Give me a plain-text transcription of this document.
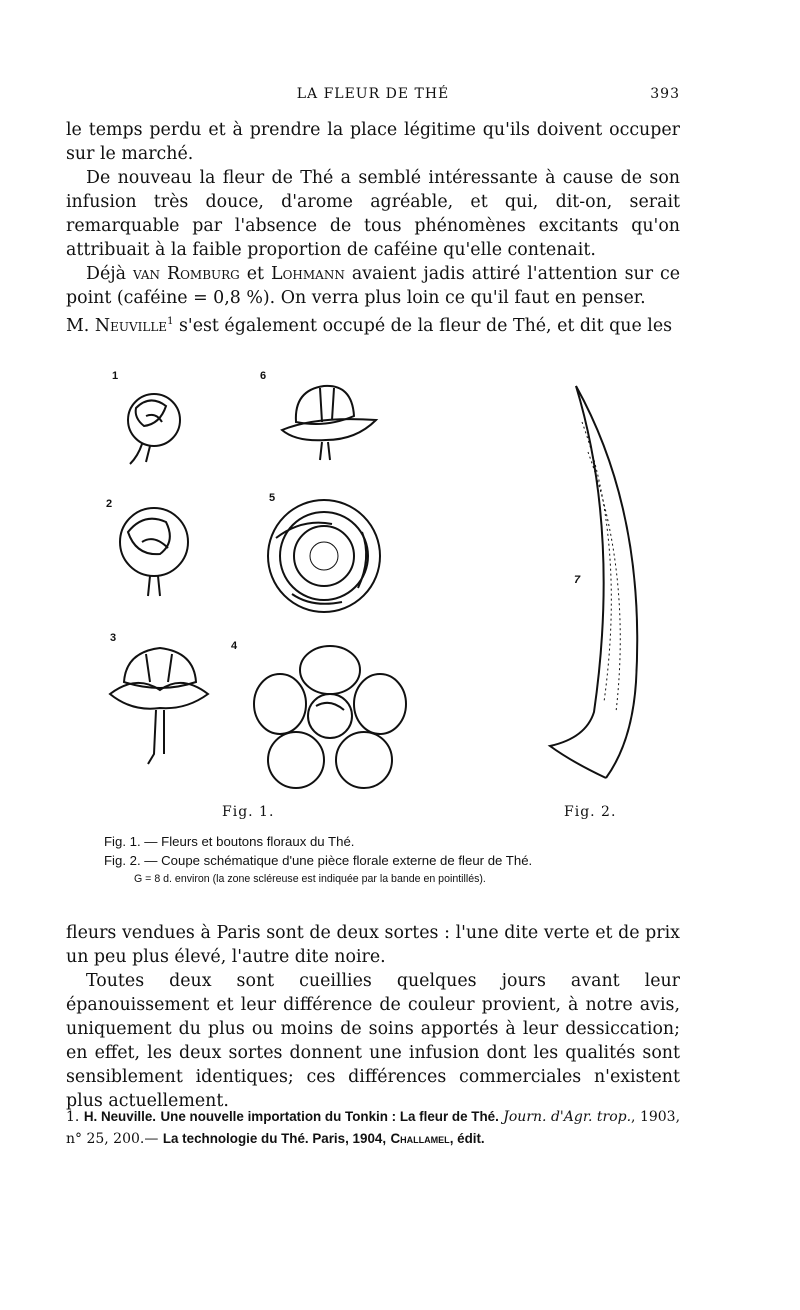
LA FLEUR DE THÉ	393

le temps perdu et à prendre la place légitime qu'ils doivent occuper sur le marché.

De nouveau la fleur de Thé a semblé intéressante à cause de son infusion très douce, d'arome agréable, et qui, dit-on, serait remarquable par l'absence de tous phénomènes excitants qu'on attribuait à la faible proportion de caféine qu'elle contenait.

Déjà van Romburg et Lohmann avaient jadis attiré l'attention sur ce point (caféine = 0,8 %). On verra plus loin ce qu'il faut en penser.

M. Neuville$^1$ s'est également occupé de la fleur de Thé, et dit que les

1	6
2	5
3
4
7
Fig. 1.	Fig. 2.
Fig. 1. — Fleurs et boutons floraux du Thé.
Fig. 2. — Coupe schématique d'une pièce florale externe de fleur de Thé.
G = 8 d. environ (la zone scléreuse est indiquée par la bande en pointillés).

fleurs vendues à Paris sont de deux sortes : l'une dite verte et de prix un peu plus élevé, l'autre dite noire.

Toutes deux sont cueillies quelques jours avant leur épanouissement et leur différence de couleur provient, à notre avis, uniquement du plus ou moins de soins apportés à leur dessiccation; en effet, les deux sortes donnent une infusion dont les qualités sont sensiblement identiques; ces différences commerciales n'existent plus actuellement.

1. H. Neuville. Une nouvelle importation du Tonkin : La fleur de Thé. Journ. d'Agr. trop., 1903, n° 25, 200.— La technologie du Thé. Paris, 1904, Challamel, édit.
